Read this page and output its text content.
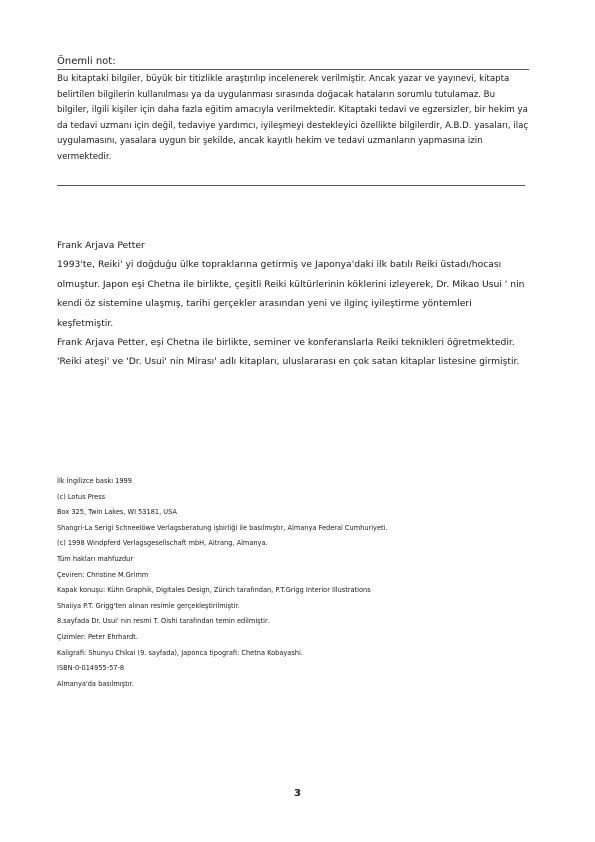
Önemli not:

Bu kitaptaki bilgiler, büyük bir titizlikle araştırılıp incelenerek verilmiştir. Ancak yazar ve yayınevi, kitapta belirtilen bilgilerin kullanılması ya da uygulanması sırasında doğacak hataların sorumlu tutulamaz. Bu bilgiler, ilgili kişiler için daha fazla eğitim amacıyla verilmektedir. Kitaptaki tedavi ve egzersizler, bir hekim ya da tedavi uzmanı için değil, tedaviye yardımcı, iyileşmeyi destekleyici özellikte bilgilerdir, A.B.D. yasaları, ilaç uygulamasını, yasalara uygun bir şekilde, ancak kayıtlı hekim ve tedavi uzmanların yapmasına izin vermektedir.

Frank Arjava Petter

1993'te, Reiki' yi doğduğu ülke topraklarına getirmiş ve Japonya'daki ilk batılı Reiki üstadı/hocası olmuştur. Japon eşi Chetna ile birlikte, çeşitli Reiki kültürlerinin köklerini izleyerek, Dr. Mikao Usui ' nin kendi öz sistemine ulaşmış, tarihi gerçekler arasından yeni ve ilginç iyileştirme yöntemleri keşfetmiştir.

Frank Arjava Petter, eşi Chetna ile birlikte, seminer ve konferanslarla Reiki teknikleri öğretmektedir. 'Reiki ateşi' ve 'Dr. Usui' nin Mirası' adlı kitapları, uluslararası en çok satan kitaplar listesine girmiştir.

İlk İngilizce baskı 1999

(c) Lotus Press

Box 325, Twin Lakes, WI 53181, USA

Shangri-La Serigi Schneelöwe Verlagsberatung işbirliği ile basılmıştır, Almanya Federal Cumhuriyeti.

(c) 1998 Windpferd Verlagsgesellschaft mbH, Aitrang, Almanya.

Tüm hakları mahfuzdur

Çeviren: Christine M.Grimm

Kapak konuşu: Kühn Graphik, Digitales Design, Zürich tarafından, P.T.Grigg Interior Illustrations

Shaiiya P.T. Grigg'ten alınan resimle gerçekleştirilmiştir.

8.sayfada Dr. Usui' nin resmi T. Oishi tarafından temin edilmiştir.

Çizimler: Peter Ehrhardt.

Kaligrafi: Shunyu Chikai (9. sayfada), Japonca tipografi: Chetna Kobayashi.

ISBN-0-014955-57-8

Almanya'da basılmıştır.

3
